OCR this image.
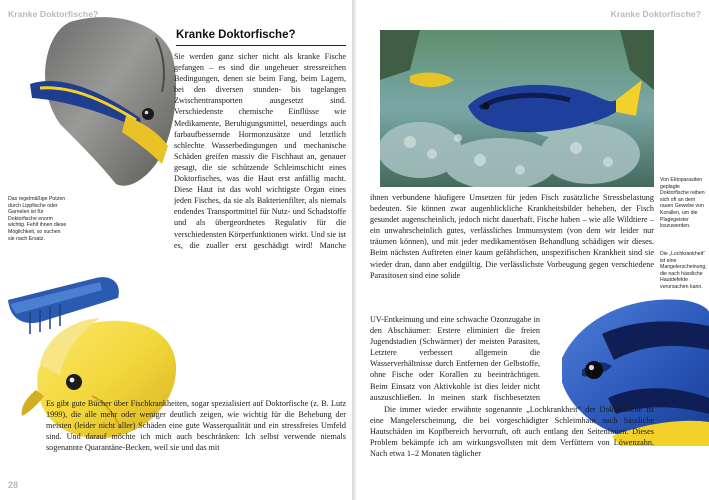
Kranke Doktorfische?
Kranke Doktorfische?

Sie werden ganz sicher nicht als kranke Fische gefangen – es sind die ungeheuer stressreichen Bedingungen, denen sie beim Fang, beim Lagern, bei den diversen stunden- bis tagelangen Zwischentransporten ausgesetzt sind. Verschiedenste chemische Einflüsse wie Medikamente, Beruhigungsmittel, neuerdings auch farbaufbessernde Hormonzusätze und letztlich schlechte Wasserbedingungen und mechanische Schäden greifen massiv die Fischhaut an, genauer gesagt, die sie schützende Schleimschicht eines Doktorfisches, was die Haut erst anfällig macht. Diese Haut ist das wohl wichtigste Organ eines jeden Fisches, da sie als Bakterienfilter, als niemals endendes Transportmittel für Nutz- und Schadstoffe und als übergeordnetes Regulativ für die verschiedensten Körperfunktionen wirkt. Und sie ist es, die zualler erst geschädigt wird! Manche

Das regelmäßige Putzen durch Lippfische oder Garnelen ist für Doktorfische enorm wichtig. Fehlt ihnen diese Möglichkeit, so suchen sie nach Ersatz.

Es gibt gute Bücher über Fischkrankheiten, sogar spezialisiert auf Doktorfische (z. B. Lutz 1999), die alle mehr oder weniger deutlich zeigen, wie wichtig für die Behebung der meisten (leider nicht aller) Schäden eine gute Wasserqualität und ein stressfreies Umfeld sind. Und darauf möchte ich mich auch beschränken: Ich selbst verwende niemals sogenannte Quarantäne-Becken, weil sie und das mit

28
Kranke Doktorfische?
Von Ektoparasiten geplagte Doktorfische reiben sich oft an dem rauen Gewebe von Korallen, um die Plagegeister loszuwerden.
Die „Lochkrankheit“ ist eine Mangelerscheinung, die nach hässliche Hautdefekte verursachen kann.

ihnen verbundene häufigere Umsetzen für jeden Fisch zusätzliche Stressbelastung bedeuten. Sie können zwar augenblickliche Krankheitsbilder beheben, der Fisch gesundet augenscheinlich, jedoch nicht dauerhaft. Fische haben – wie alle Wildtiere – ein unwahrscheinlich gutes, verlässliches Immunsystem (von dem wir leider nur träumen können), und mit jeder medikamentösen Behandlung schädigen wir dieses. Beim nächsten Auftreten einer kaum gefährlichen, unspezifischen Krankheit sind sie wieder dran, dann aber endgültig. Die verlässlichste Vorbeugung gegen verschiedene Parasitosen sind eine solide

UV-Entkeimung und eine schwache Ozonzugabe in den Abschäumer: Erstere eliminiert die freien Jugendstadien (Schwärmer) der meisten Parasiten, Letztere verbessert allgemein die Wasserverhältnisse durch Entfernen der Gelbstoffe, ohne Fische oder Korallen zu beeinträchtigen. Beim Einsatz von Aktivkohle ist dies leider nicht auszuschließen. In meinen stark fischbesetzten

Die immer wieder erwähnte sogenannte „Lochkrankheit“ der Doktorfische ist eine Mangelerscheinung, die bei vorgeschädigter Schleimhaut nach hässliche Hautschäden im Kopfbereich hervorruft, oft auch entlang den Seitenlinien. Dieses Problem bekämpfe ich am wirkungsvollsten mit dem Verfüttern von Löwenzahn. Nach etwa 1–2 Monaten täglicher
